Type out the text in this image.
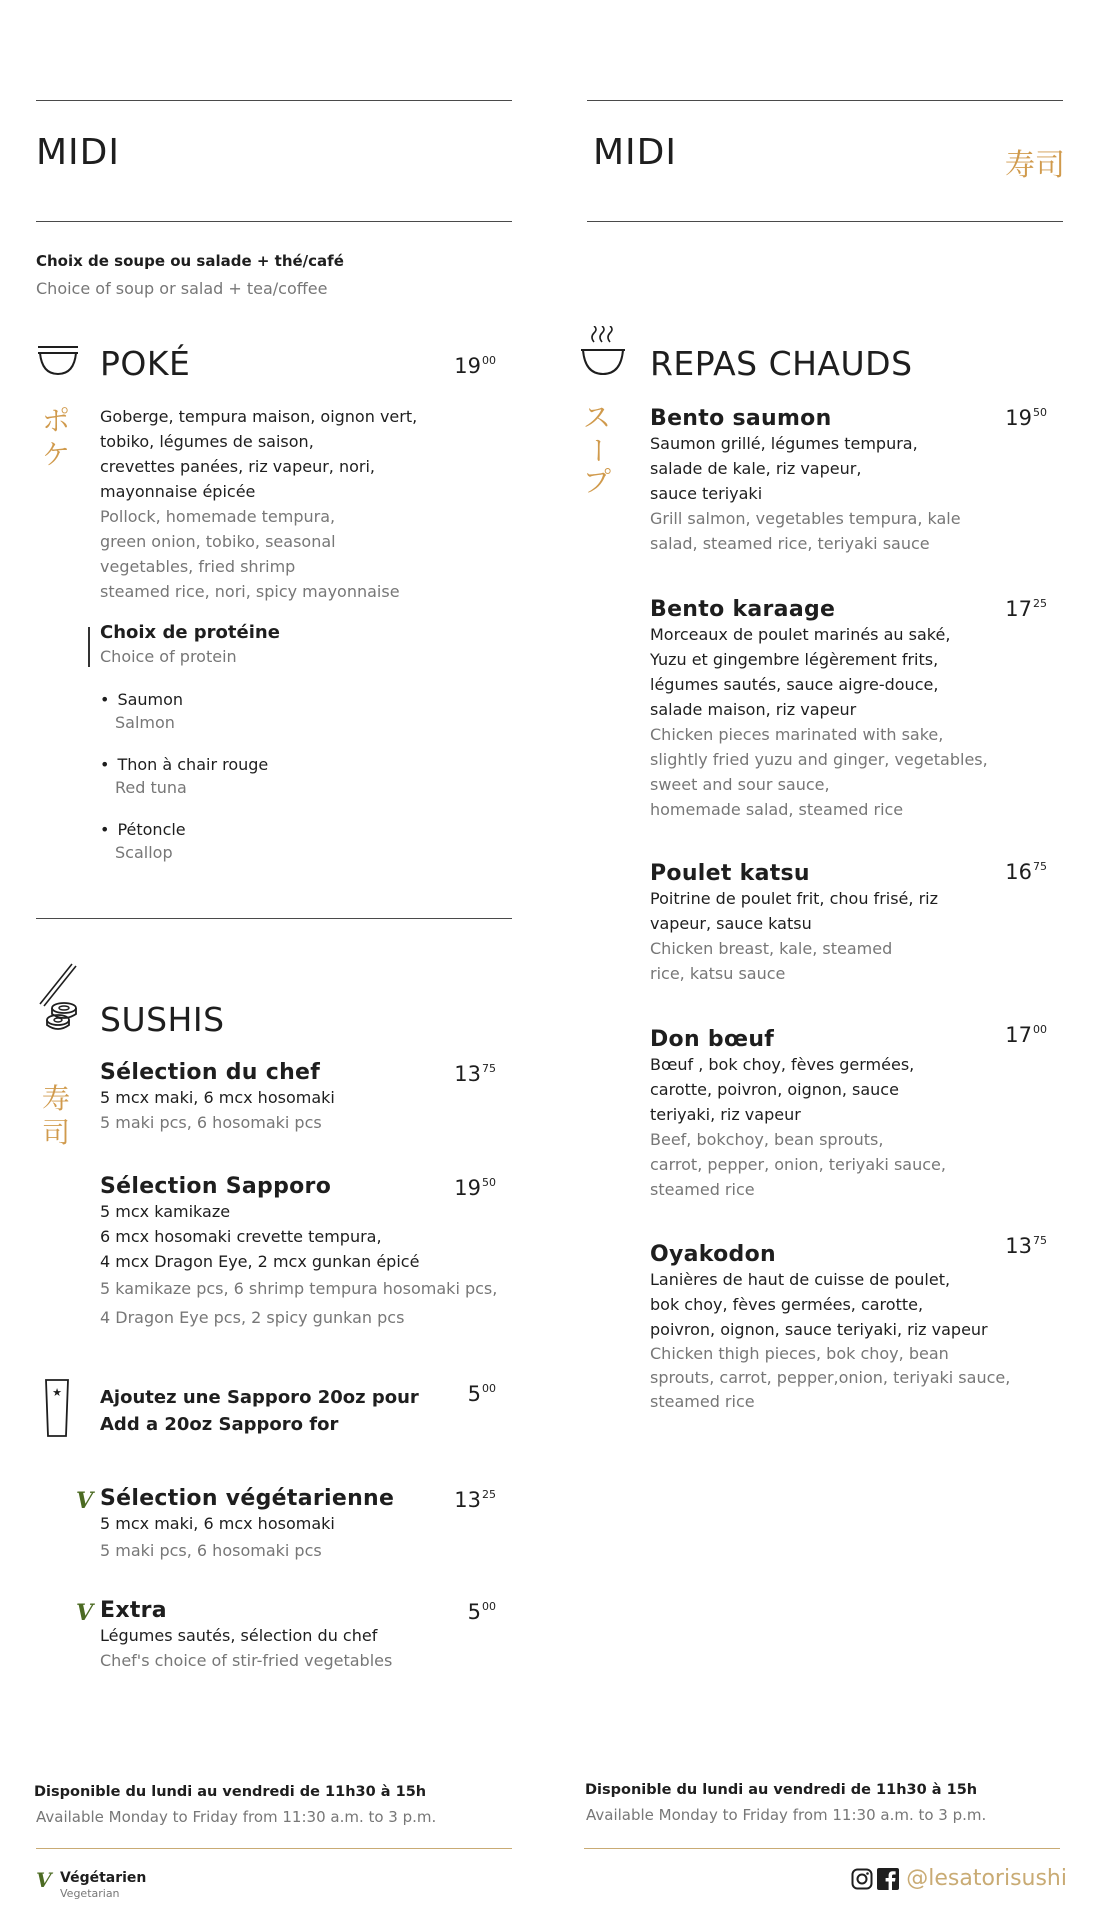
MIDI
Choix de soupe ou salade + thé/café
Choice of soup or salad + tea/coffee
POKÉ	$19^{00}$
ポ
ケ
Goberge, tempura maison, oignon vert,
tobiko, légumes de saison,
crevettes panées, riz vapeur, nori,
mayonnaise épicée
Pollock, homemade tempura,
green onion, tobiko, seasonal
vegetables, fried shrimp
steamed rice, nori, spicy mayonnaise
Choix de protéine
Choice of protein
• Saumon
Salmon
• Thon à chair rouge
Red tuna
• Pétoncle
Scallop
SUSHIS
寿
司
Sélection du chef
5 mcx maki, 6 mcx hosomaki
5 maki pcs, 6 hosomaki pcs
$13^{75}$
Sélection Sapporo
5 mcx kamikaze
6 mcx hosomaki crevette tempura,
4 mcx Dragon Eye, 2 mcx gunkan épicé
5 kamikaze pcs, 6 shrimp tempura hosomaki pcs,
4 Dragon Eye pcs, 2 spicy gunkan pcs
$19^{50}$
★ Ajoutez une Sapporo 20oz pour
Add a 20oz Sapporo for
$5^{00}$
V Sélection végétarienne
5 mcx maki, 6 mcx hosomaki
5 maki pcs, 6 hosomaki pcs
$13^{25}$
V Extra
Légumes sautés, sélection du chef
Chef's choice of stir-fried vegetables
$5^{00}$
Disponible du lundi au vendredi de 11h30 à 15h
Available Monday to Friday from 11:30 a.m. to 3 p.m.
V Végétarien
Vegetarian
MIDI	寿司
REPAS CHAUDS
ス
ー
プ
Bento saumon
Saumon grillé, légumes tempura,
salade de kale, riz vapeur,
sauce teriyaki
Grill salmon, vegetables tempura, kale
salad, steamed rice, teriyaki sauce
$19^{50}$
Bento karaage
Morceaux de poulet marinés au saké,
Yuzu et gingembre légèrement frits,
légumes sautés, sauce aigre-douce,
salade maison, riz vapeur
Chicken pieces marinated with sake,
slightly fried yuzu and ginger, vegetables,
sweet and sour sauce,
homemade salad, steamed rice
$17^{25}$
Poulet katsu
Poitrine de poulet frit, chou frisé, riz
vapeur, sauce katsu
Chicken breast, kale, steamed
rice, katsu sauce
$16^{75}$
Don bœuf
Bœuf , bok choy, fèves germées,
carotte, poivron, oignon, sauce
teriyaki, riz vapeur
Beef, bokchoy, bean sprouts,
carrot, pepper, onion, teriyaki sauce,
steamed rice
$17^{00}$
Oyakodon
Lanières de haut de cuisse de poulet,
bok choy, fèves germées, carotte,
poivron, oignon, sauce teriyaki, riz vapeur
Chicken thigh pieces, bok choy, bean
sprouts, carrot, pepper,onion, teriyaki sauce,
steamed rice
$13^{75}$
Disponible du lundi au vendredi de 11h30 à 15h
Available Monday to Friday from 11:30 a.m. to 3 p.m.
@lesatorisushi
